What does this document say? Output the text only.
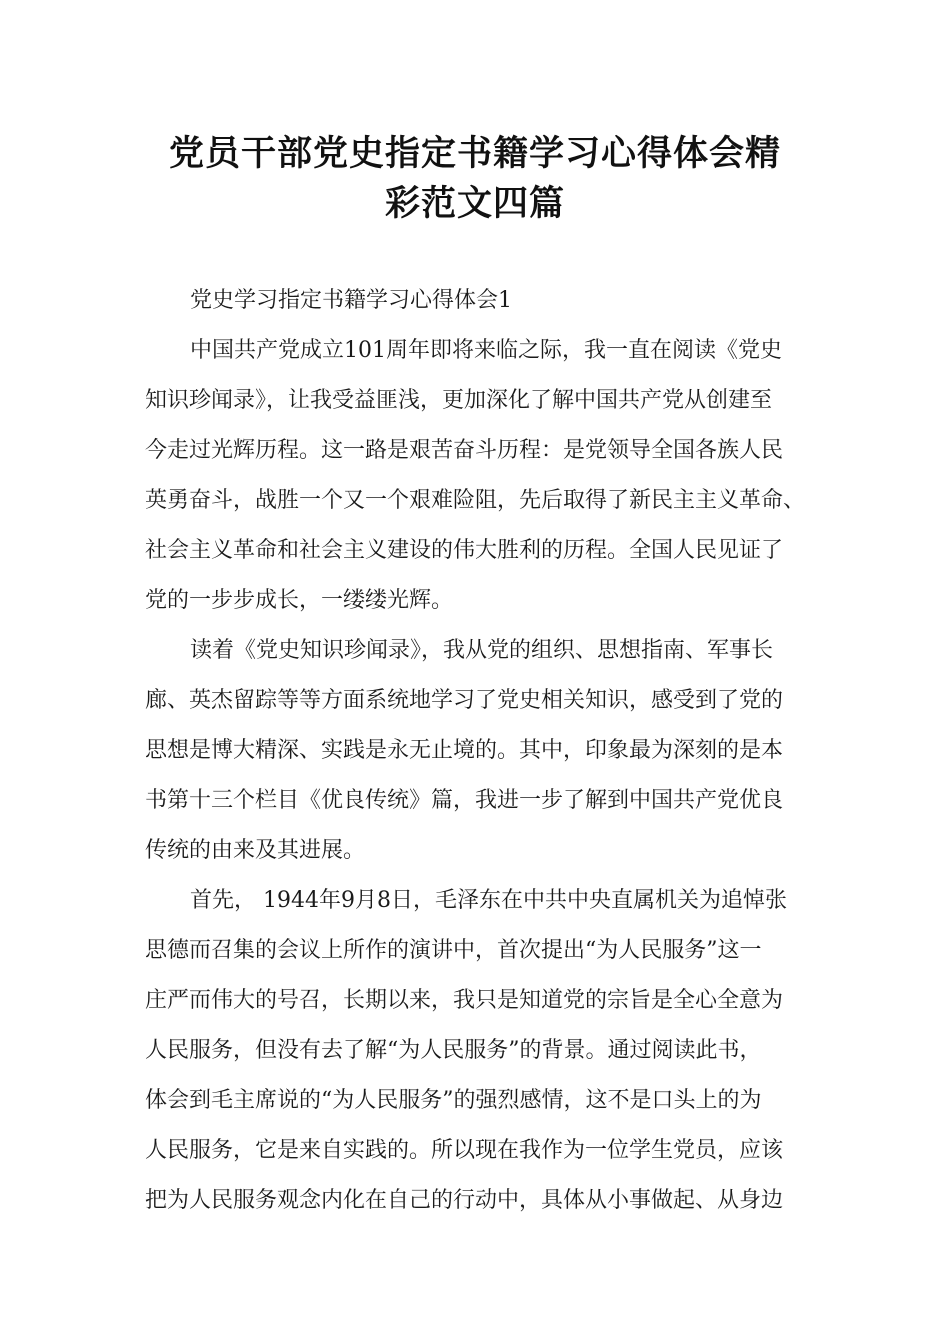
党员干部党史指定书籍学习心得体会精
彩范文四篇
党史学习指定书籍学习心得体会1
中国共产党成立101周年即将来临之际，我一直在阅读《党史
知识珍闻录》，让我受益匪浅，更加深化了解中国共产党从创建至
今走过光辉历程。这一路是艰苦奋斗历程：是党领导全国各族人民
英勇奋斗，战胜一个又一个艰难险阻，先后取得了新民主主义革命、
社会主义革命和社会主义建设的伟大胜利的历程。全国人民见证了
党的一步步成长，一缕缕光辉。
读着《党史知识珍闻录》，我从党的组织、思想指南、军事长
廊、英杰留踪等等方面系统地学习了党史相关知识，感受到了党的
思想是博大精深、实践是永无止境的。其中，印象最为深刻的是本
书第十三个栏目《优良传统》篇，我进一步了解到中国共产党优良
传统的由来及其进展。
首先， 1944年9月8日，毛泽东在中共中央直属机关为追悼张
思德而召集的会议上所作的演讲中，首次提出“为人民服务”这一
庄严而伟大的号召，长期以来，我只是知道党的宗旨是全心全意为
人民服务，但没有去了解“为人民服务”的背景。通过阅读此书，
体会到毛主席说的“为人民服务”的强烈感情，这不是口头上的为
人民服务，它是来自实践的。所以现在我作为一位学生党员，应该
把为人民服务观念内化在自己的行动中，具体从小事做起、从身边
